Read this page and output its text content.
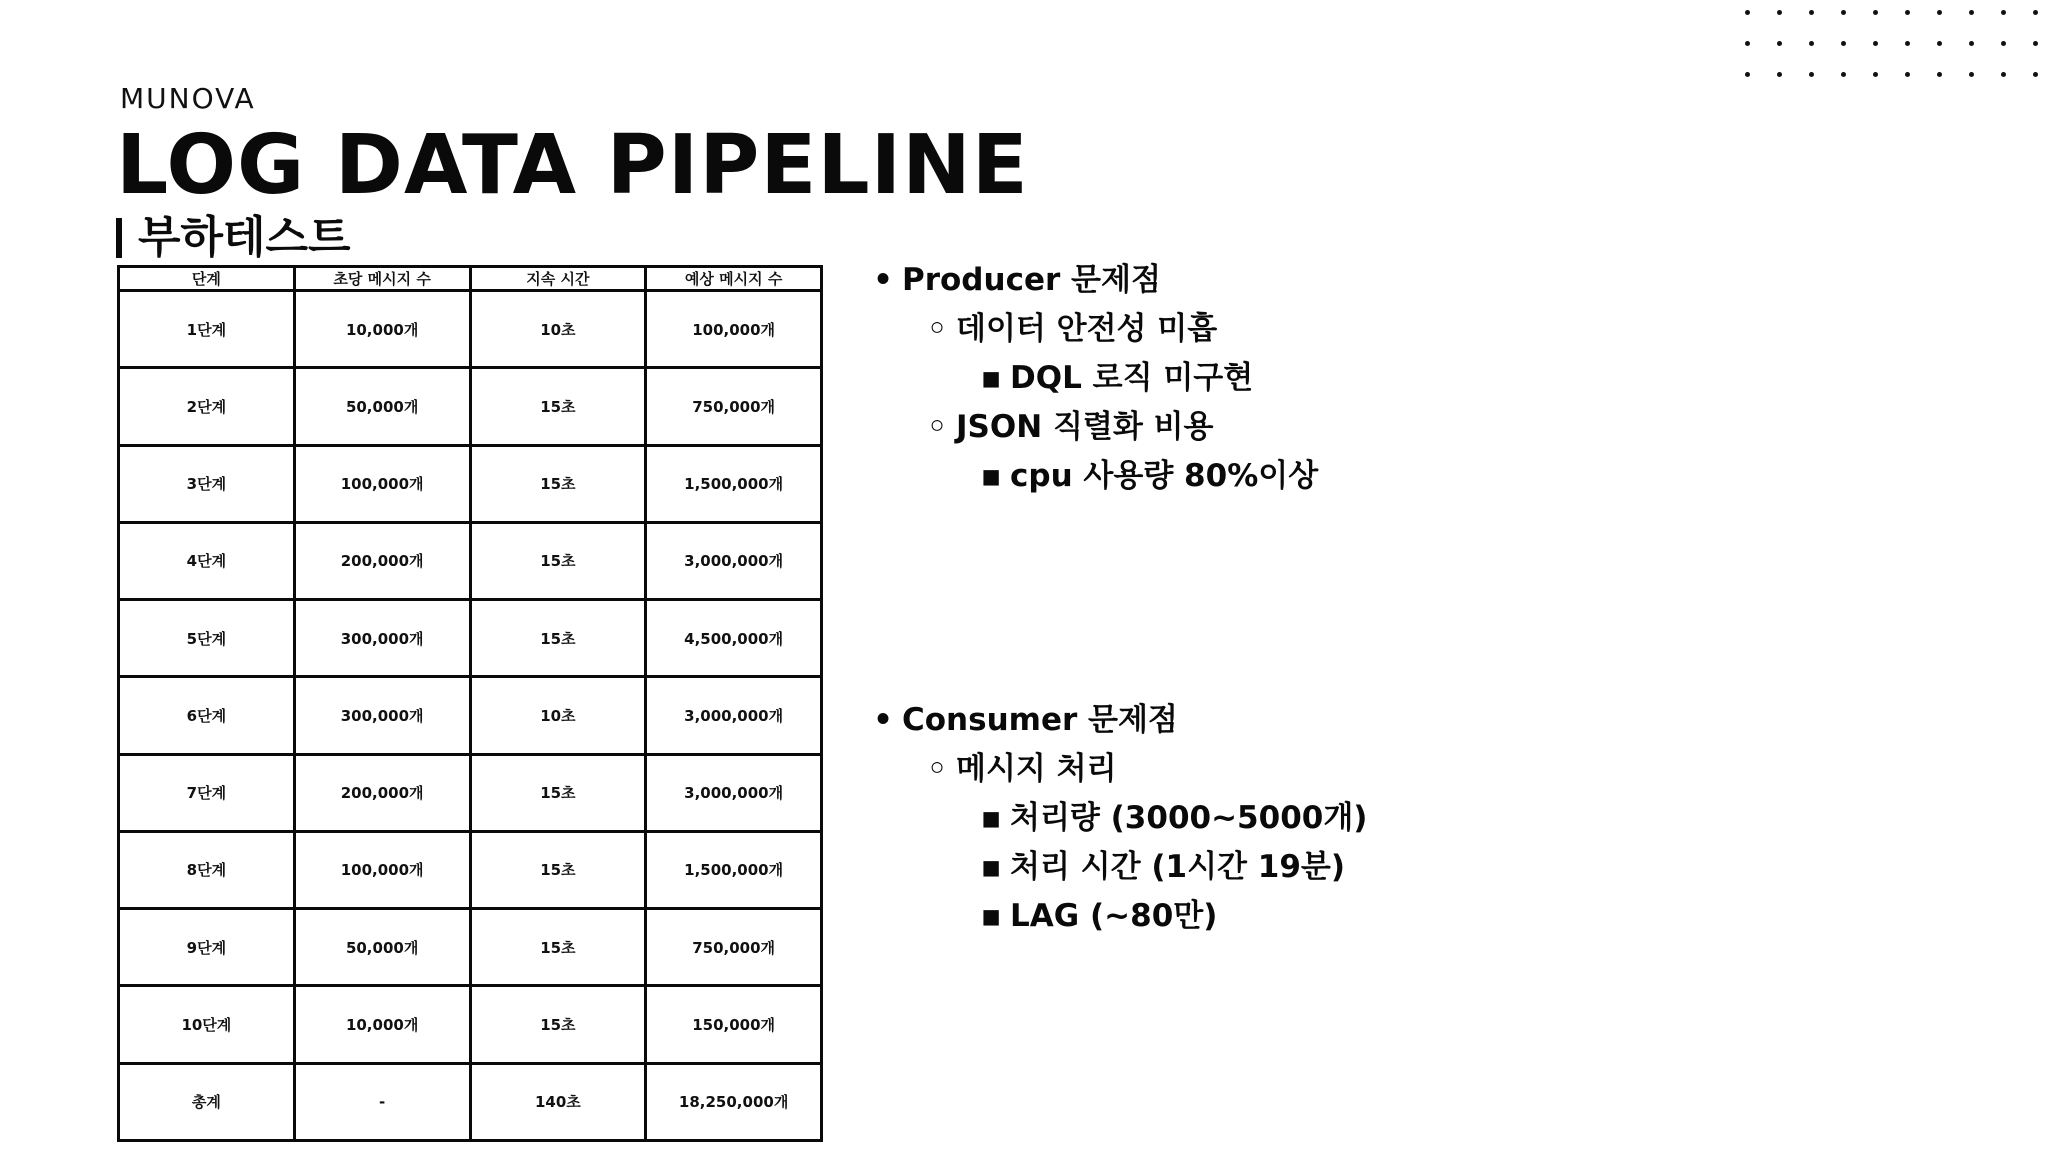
MUNOVA
LOG DATA PIPELINE
부하테스트
단계	초당 메시지 수	지속 시간	예상 메시지 수
1단계	10,000개	10초	100,000개
2단계	50,000개	15초	750,000개
3단계	100,000개	15초	1,500,000개
4단계	200,000개	15초	3,000,000개
5단계	300,000개	15초	4,500,000개
6단계	300,000개	10초	3,000,000개
7단계	200,000개	15초	3,000,000개
8단계	100,000개	15초	1,500,000개
9단계	50,000개	15초	750,000개
10단계	10,000개	15초	150,000개
총계	-	140초	18,250,000개
• Producer 문제점
◦ 데이터 안전성 미흡
▪ DQL 로직 미구현
◦ JSON 직렬화 비용
▪ cpu 사용량 80%이상
• Consumer 문제점
◦ 메시지 처리
▪ 처리량 (3000~5000개)
▪ 처리 시간 (1시간 19분)
▪ LAG (~80만)
